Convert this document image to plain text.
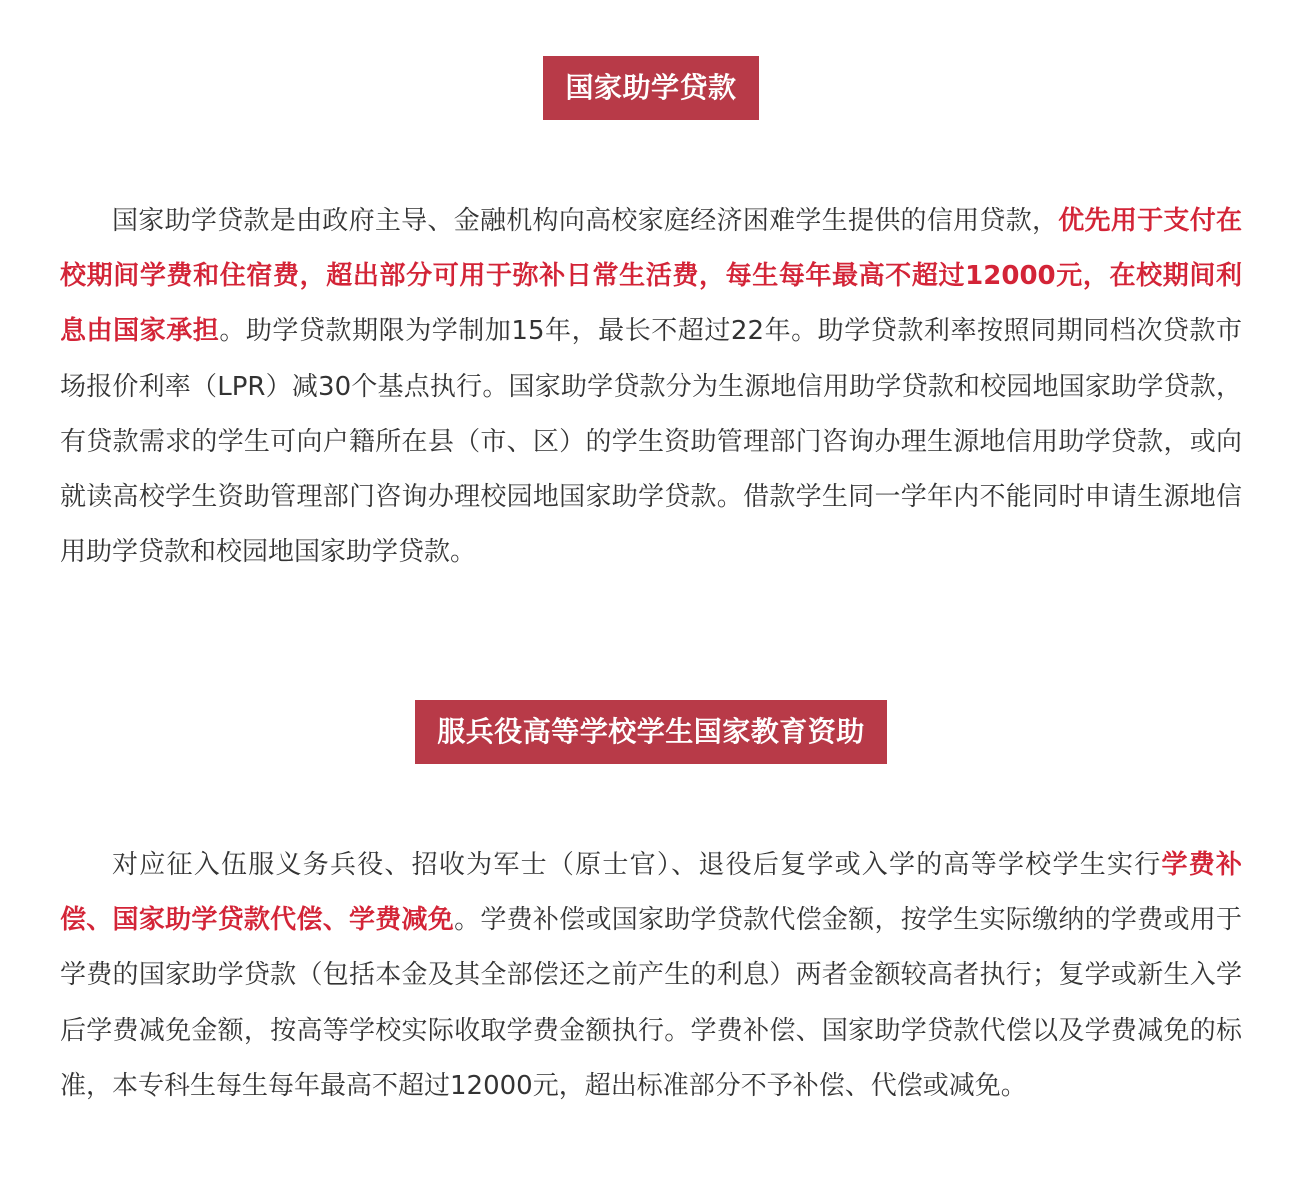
国家助学贷款

国家助学贷款是由政府主导、金融机构向高校家庭经济困难学生提供的信用贷款，优先用于支付在校期间学费和住宿费，超出部分可用于弥补日常生活费，每生每年最高不超过12000元，在校期间利息由国家承担。助学贷款期限为学制加15年，最长不超过22年。助学贷款利率按照同期同档次贷款市场报价利率（LPR）减30个基点执行。国家助学贷款分为生源地信用助学贷款和校园地国家助学贷款，有贷款需求的学生可向户籍所在县（市、区）的学生资助管理部门咨询办理生源地信用助学贷款，或向就读高校学生资助管理部门咨询办理校园地国家助学贷款。借款学生同一学年内不能同时申请生源地信用助学贷款和校园地国家助学贷款。

服兵役高等学校学生国家教育资助

对应征入伍服义务兵役、招收为军士（原士官）、退役后复学或入学的高等学校学生实行学费补偿、国家助学贷款代偿、学费减免。学费补偿或国家助学贷款代偿金额，按学生实际缴纳的学费或用于学费的国家助学贷款（包括本金及其全部偿还之前产生的利息）两者金额较高者执行；复学或新生入学后学费减免金额，按高等学校实际收取学费金额执行。学费补偿、国家助学贷款代偿以及学费减免的标准，本专科生每生每年最高不超过12000元，超出标准部分不予补偿、代偿或减免。
